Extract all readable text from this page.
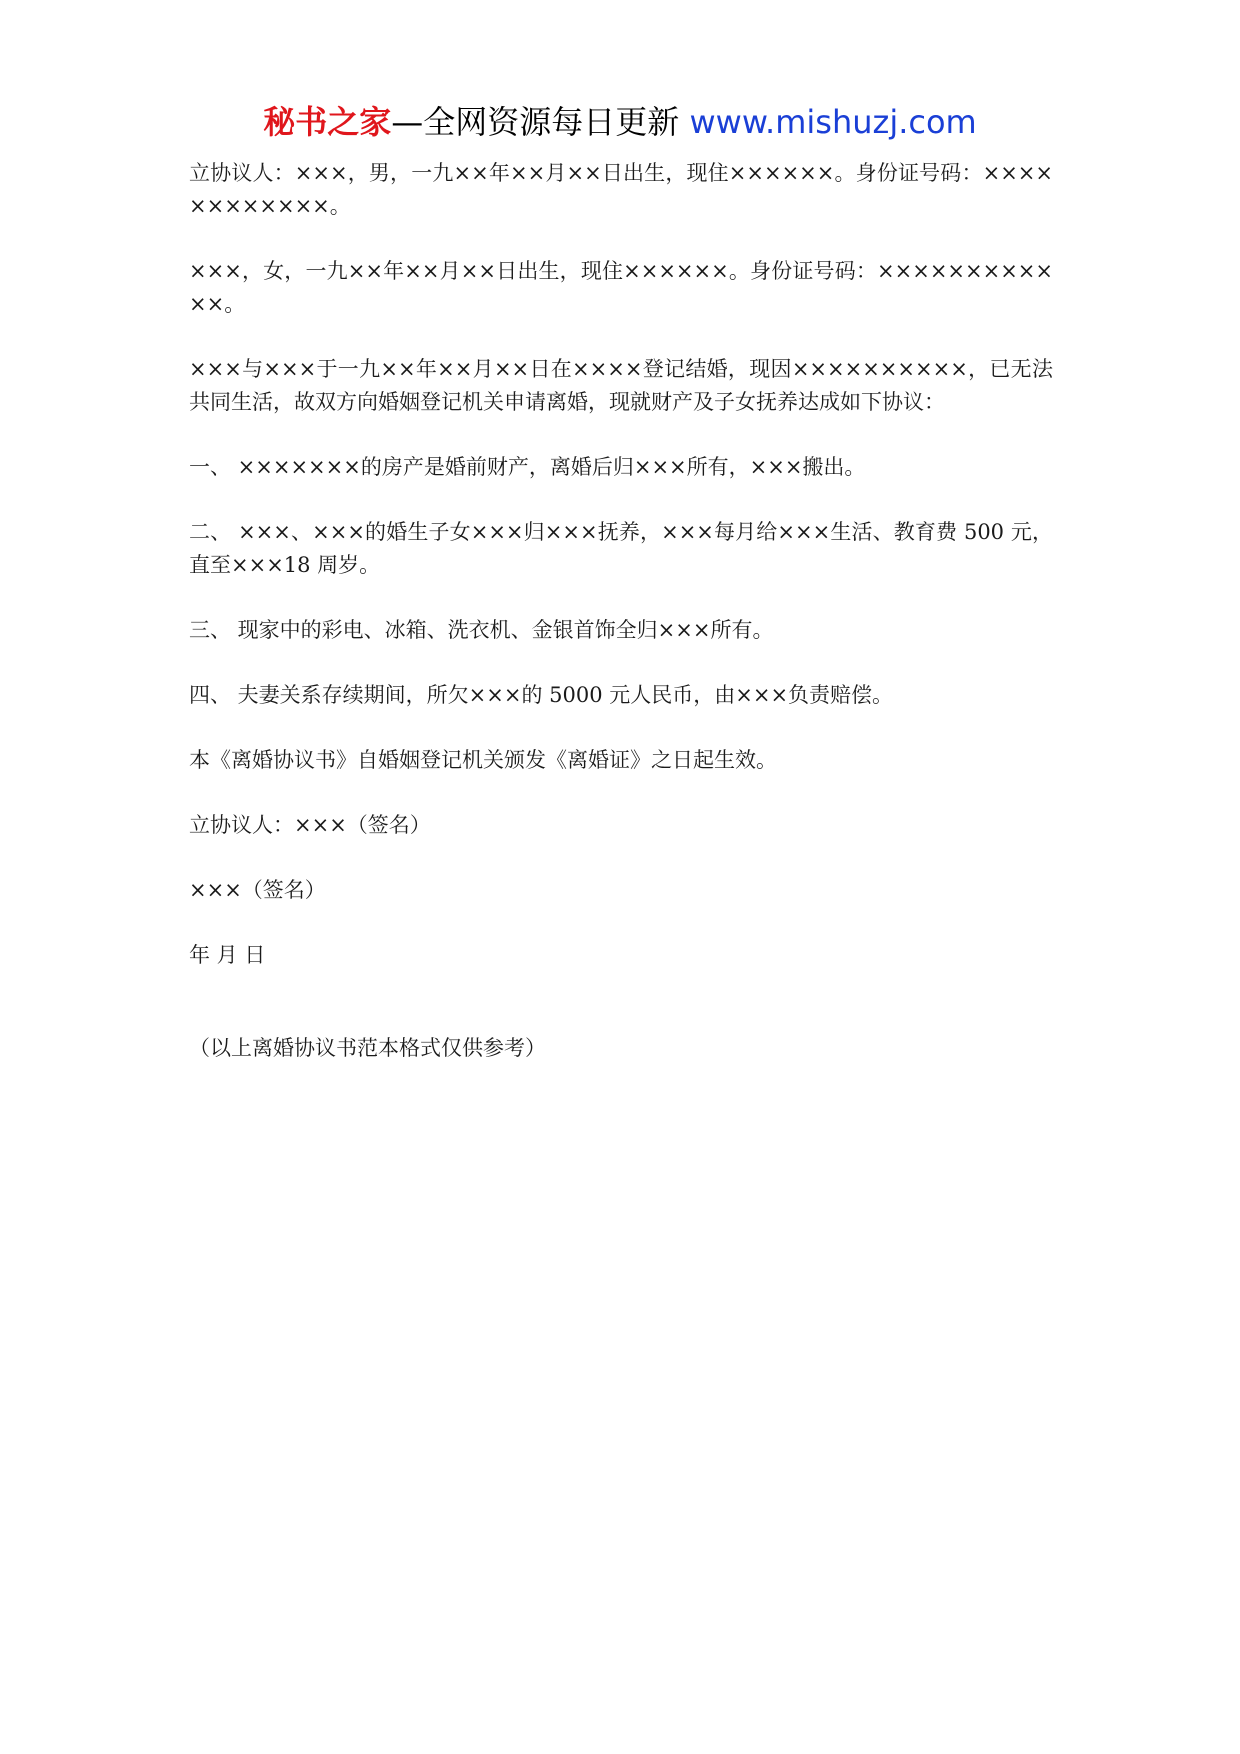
秘书之家—全网资源每日更新 www.mishuzj.com

立协议人：×××，男，一九××年××月××日出生，现住××××××。身份证号码：××××××××××××。

×××，女，一九××年××月××日出生，现住××××××。身份证号码：××××××××××××。

×××与×××于一九××年××月××日在××××登记结婚，现因××××××××××，已无法共同生活，故双方向婚姻登记机关申请离婚，现就财产及子女抚养达成如下协议：

一、 ×××××××的房产是婚前财产，离婚后归×××所有，×××搬出。

二、 ×××、×××的婚生子女×××归×××抚养，×××每月给×××生活、教育费 500 元，直至×××18 周岁。

三、 现家中的彩电、冰箱、洗衣机、金银首饰全归×××所有。

四、 夫妻关系存续期间，所欠×××的 5000 元人民币，由×××负责赔偿。

本《离婚协议书》自婚姻登记机关颁发《离婚证》之日起生效。

立协议人：×××（签名）

×××（签名）

年 月 日

（以上离婚协议书范本格式仅供参考）
